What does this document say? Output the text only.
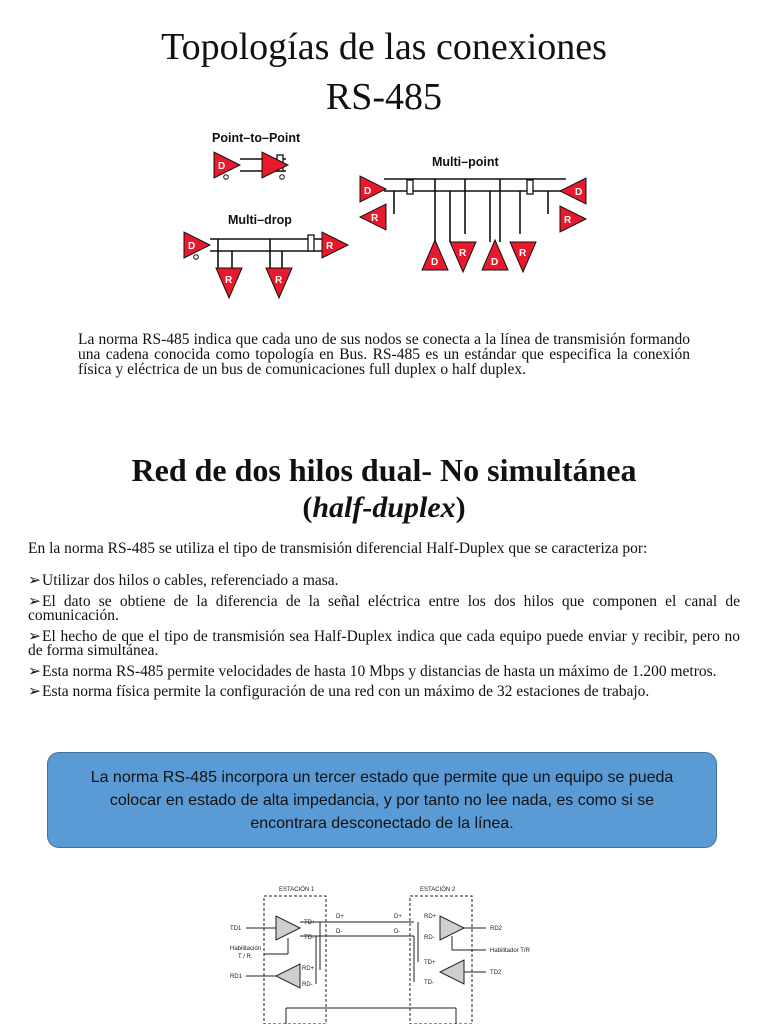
Topologías de las conexiones
RS-485
Point–to–Point
D	R	Multi–point
D
R
D
R
D
R
D
R
Multi–drop
D	R
R	R
La norma RS-485 indica que cada uno de sus nodos se conecta a la línea de transmisión formando una cadena conocida como topología en Bus. RS-485 es un estándar que especifica la conexión física y eléctrica de un bus de comunicaciones full duplex o half duplex.
Red de dos hilos dual- No simultánea
(half-duplex)
En la norma RS-485 se utiliza el tipo de transmisión diferencial Half-Duplex que se caracteriza por:
➢Utilizar dos hilos o cables, referenciado a masa.
➢El dato se obtiene de la diferencia de la señal eléctrica entre los dos hilos que componen el canal de comunicación.
➢El hecho de que el tipo de transmisión sea Half-Duplex indica que cada equipo puede enviar y recibir, pero no de forma simultánea.
➢Esta norma RS-485 permite velocidades de hasta 10 Mbps y distancias de hasta un máximo de 1.200 metros.
➢Esta norma física permite la configuración de una red con un máximo de 32 estaciones de trabajo.
La norma RS-485 incorpora un tercer estado que permite que un equipo se pueda colocar en estado de alta impedancia, y por tanto no lee nada, es como si se encontrara desconectado de la línea.
ESTACIÓN 1	ESTACIÓN 2
TD1
TD+
TD-
D+
D-
D+
D-
Habilitación
T / R
RD1
RD+
RD-
RD+
RD-
RD2
Habilitador T/R
TD+
TD-
TD2
